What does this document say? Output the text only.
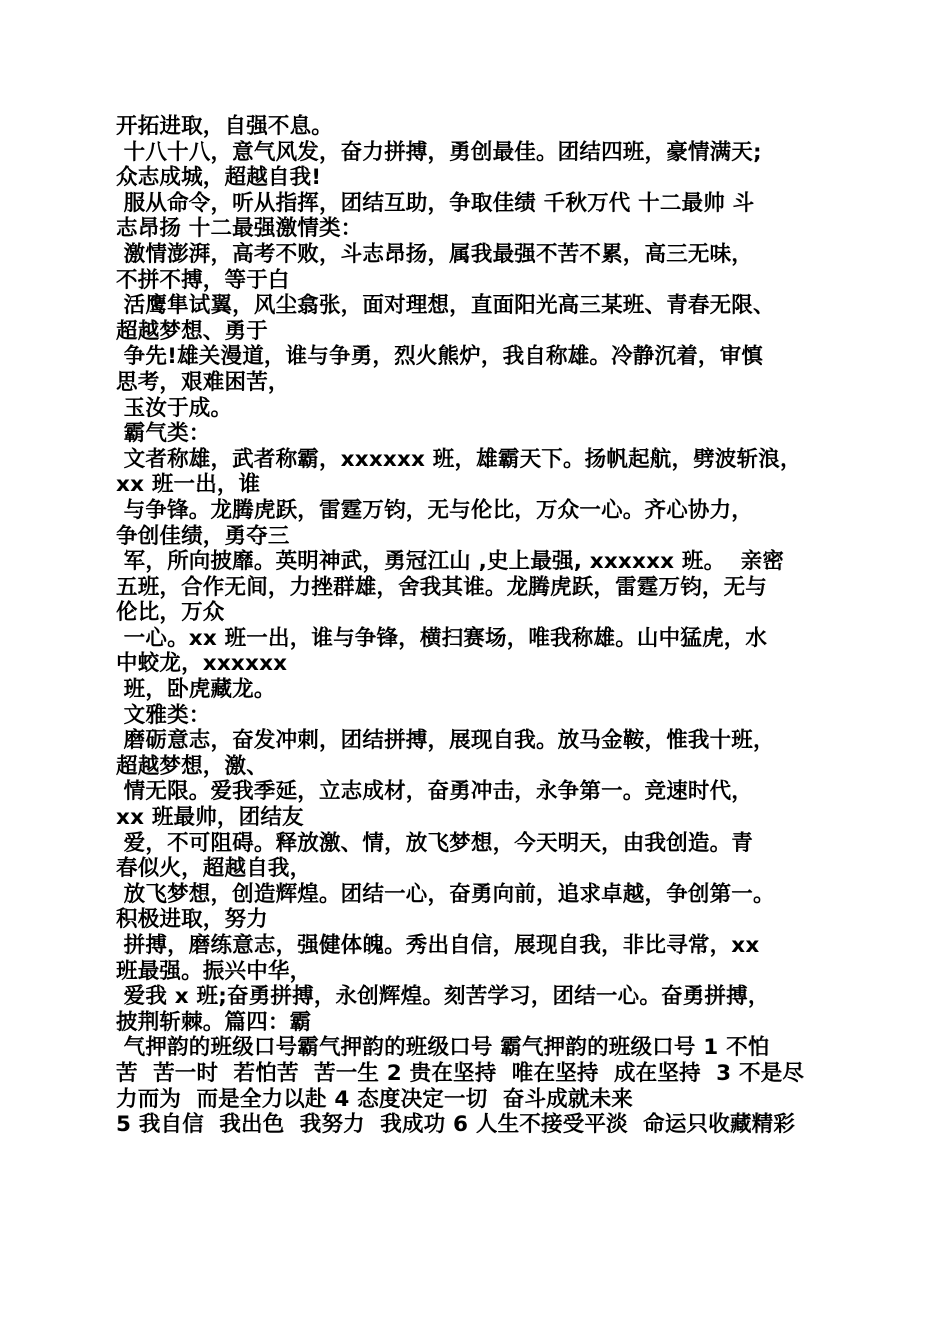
开拓进取，自强不息。
十八十八，意气风发，奋力拼搏，勇创最佳。团结四班，豪情满天;
众志成城，超越自我!
服从命令，听从指挥，团结互助，争取佳绩 千秋万代 十二最帅 斗
志昂扬 十二最强激情类：
激情澎湃，高考不败，斗志昂扬，属我最强不苦不累，高三无味，
不拼不搏，等于白
活鹰隼试翼，风尘翕张，面对理想，直面阳光高三某班、青春无限、
超越梦想、勇于
争先!雄关漫道，谁与争勇，烈火熊炉，我自称雄。冷静沉着，审慎
思考，艰难困苦，
玉汝于成。
霸气类：
文者称雄，武者称霸，xxxxxx 班，雄霸天下。扬帆起航，劈波斩浪，
xx 班一出，谁
与争锋。龙腾虎跃，雷霆万钧，无与伦比，万众一心。齐心协力，
争创佳绩，勇夺三
军，所向披靡。英明神武，勇冠江山 ,史上最强, xxxxxx 班。  亲密
五班，合作无间，力挫群雄，舍我其谁。龙腾虎跃，雷霆万钧，无与
伦比，万众
一心。xx 班一出，谁与争锋，横扫赛场，唯我称雄。山中猛虎，水
中蛟龙，xxxxxx
班，卧虎藏龙。
文雅类：
磨砺意志，奋发冲刺，团结拼搏，展现自我。放马金鞍，惟我十班，
超越梦想，激、
情无限。爱我季延，立志成材，奋勇冲击，永争第一。竞速时代，
xx 班最帅，团结友
爱，不可阻碍。释放激、情，放飞梦想，今天明天，由我创造。青
春似火，超越自我，
放飞梦想，创造辉煌。团结一心，奋勇向前，追求卓越，争创第一。
积极进取，努力
拼搏，磨练意志，强健体魄。秀出自信，展现自我，非比寻常，xx
班最强。振兴中华，
爱我 x 班;奋勇拼搏，永创辉煌。刻苦学习，团结一心。奋勇拼搏，
披荆斩棘。篇四：霸
气押韵的班级口号霸气押韵的班级口号 霸气押韵的班级口号 1 不怕
苦  苦一时  若怕苦  苦一生 2 贵在坚持  唯在坚持  成在坚持  3 不是尽
力而为  而是全力以赴 4 态度决定一切  奋斗成就未来
5 我自信  我出色  我努力  我成功 6 人生不接受平淡  命运只收藏精彩
